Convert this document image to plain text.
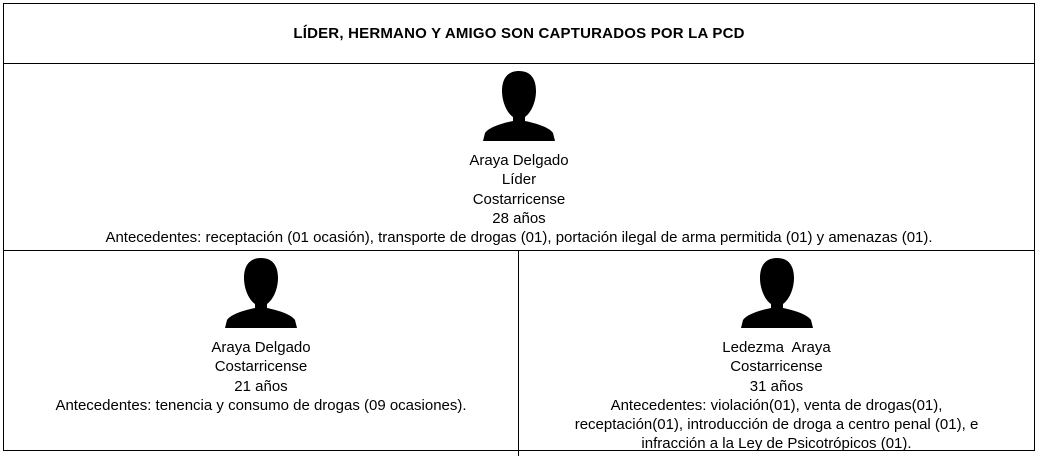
LÍDER, HERMANO Y AMIGO SON CAPTURADOS POR LA PCD
Araya Delgado
Líder
Costarricense
28 años
Antecedentes: receptación (01 ocasión), transporte de drogas (01), portación ilegal de arma permitida (01) y amenazas (01).
Araya Delgado
Costarricense
21 años
Antecedentes: tenencia y consumo de drogas (09 ocasiones).
Ledezma  Araya
Costarricense
31 años
Antecedentes: violación(01), venta de drogas(01),
receptación(01), introducción de droga a centro penal (01), e
infracción a la Ley de Psicotrópicos (01).
